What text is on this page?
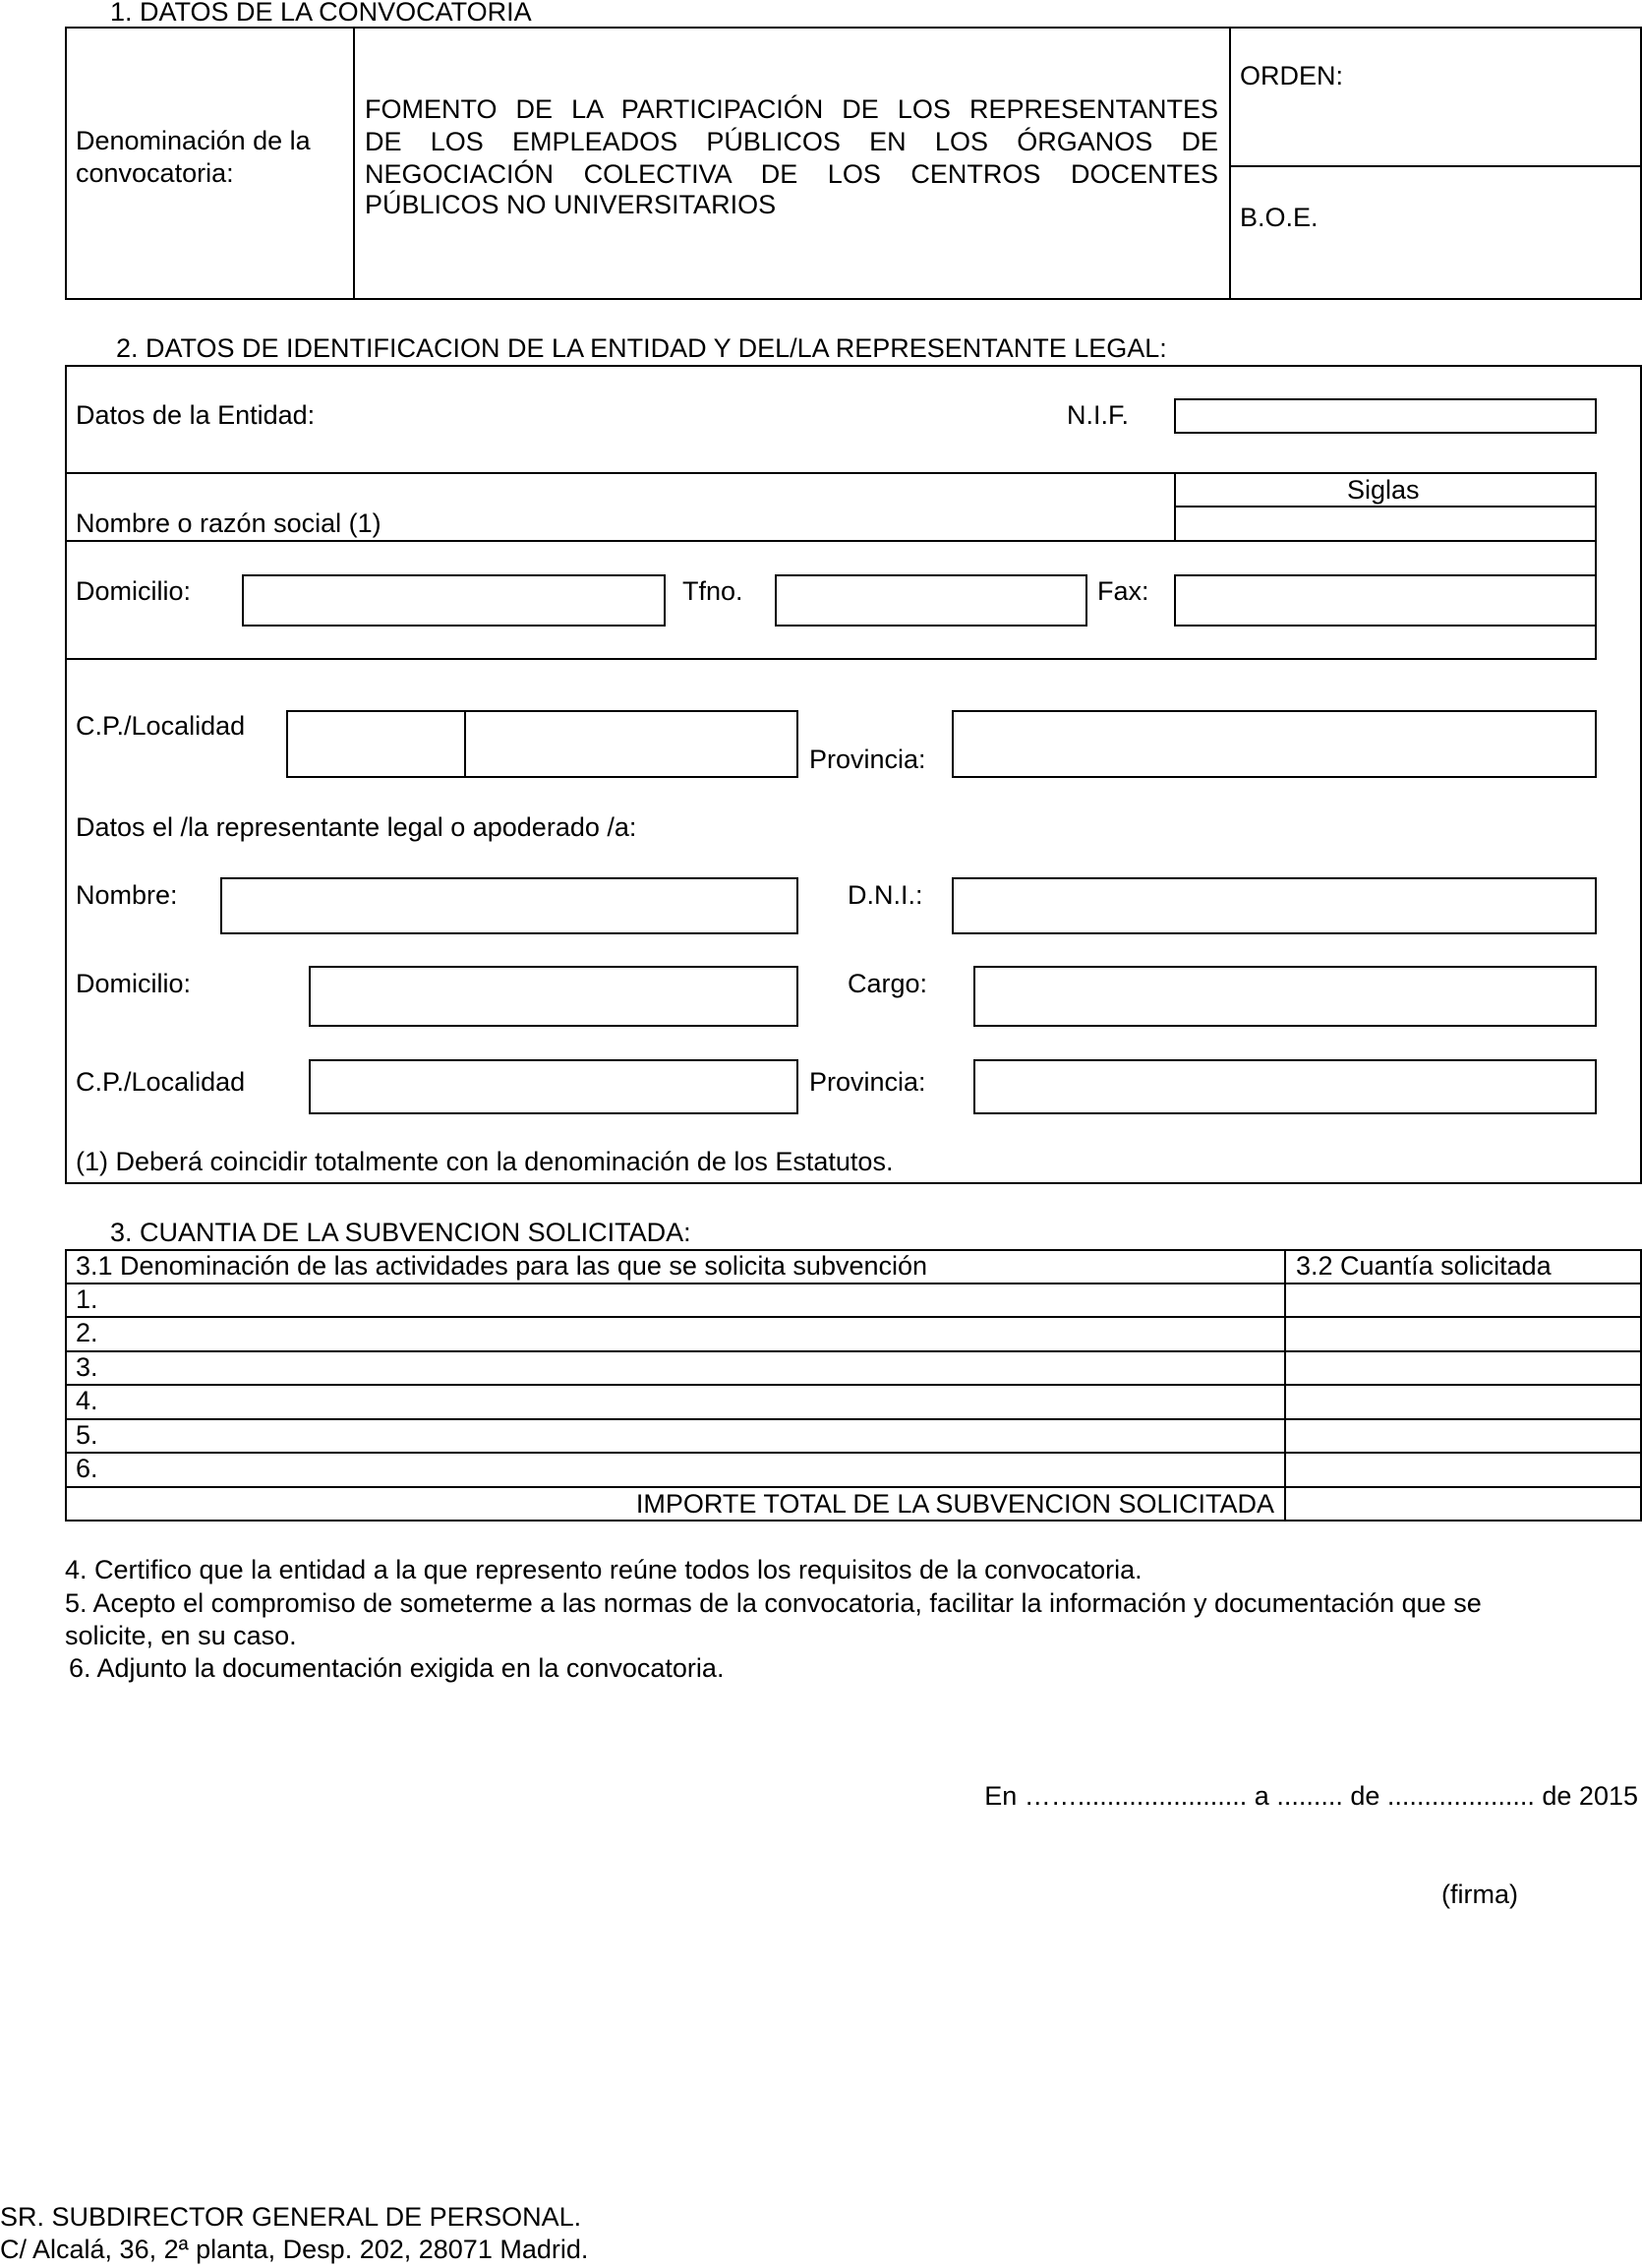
1. DATOS DE LA CONVOCATORIA
Denominación de la
convocatoria:
FOMENTO DE LA PARTICIPACIÓN DE LOS REPRESENTANTES
DE LOS EMPLEADOS PÚBLICOS EN LOS ÓRGANOS DE
NEGOCIACIÓN COLECTIVA DE LOS CENTROS DOCENTES
PÚBLICOS NO UNIVERSITARIOS
ORDEN:
B.O.E.
2. DATOS DE IDENTIFICACION DE LA ENTIDAD Y DEL/LA REPRESENTANTE LEGAL:
Datos de la Entidad:	N.I.F.
Siglas
Nombre o razón social (1)
Domicilio:	Tfno.	Fax:
C.P./Localidad
Provincia:
Datos el /la representante legal o apoderado /a:
Nombre:	D.N.I.:
Domicilio:	Cargo:
C.P./Localidad	Provincia:
(1) Deberá coincidir totalmente con la denominación de los Estatutos.
3. CUANTIA DE LA SUBVENCION SOLICITADA:
3.1 Denominación de las actividades para las que se solicita subvención	3.2 Cuantía solicitada
1.
2.
3.
4.
5.
6.
IMPORTE TOTAL DE LA SUBVENCION SOLICITADA
4. Certifico que la entidad a la que represento reúne todos los requisitos de la convocatoria.
5. Acepto el compromiso de someterme a las normas de la convocatoria, facilitar la información y documentación que se
solicite, en su caso.
6. Adjunto la documentación exigida en la convocatoria.
En ……....................... a ......... de .................... de 2015
(firma)
SR. SUBDIRECTOR GENERAL DE PERSONAL.
C/ Alcalá, 36, 2ª planta, Desp. 202, 28071 Madrid.
